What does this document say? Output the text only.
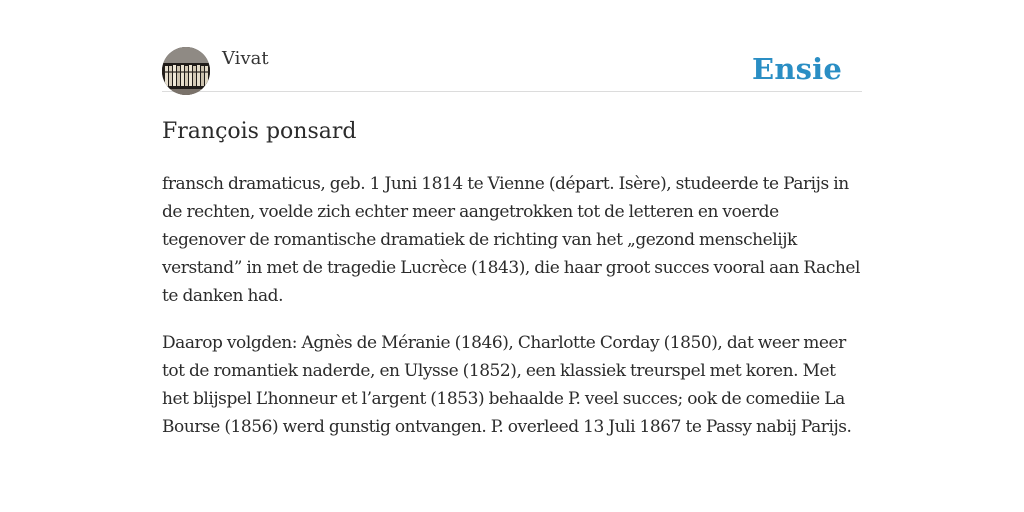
Vivat	Ensie
François ponsard

fransch dramaticus, geb. 1 Juni 1814 te Vienne (départ. Isère), studeerde te Parijs in de rechten, voelde zich echter meer aangetrokken tot de letteren en voerde tegenover de romantische dramatiek de richting van het „gezond menschelijk verstand” in met de tragedie Lucrèce (1843), die haar groot succes vooral aan Rachel te danken had.

Daarop volgden: Agnès de Méranie (1846), Charlotte Corday (1850), dat weer meer tot de romantiek naderde, en Ulysse (1852), een klassiek treurspel met koren. Met het blijspel L’honneur et l’argent (1853) behaalde P. veel succes; ook de comediie La Bourse (1856) werd gunstig ontvangen. P. overleed 13 Juli 1867 te Passy nabij Parijs.
